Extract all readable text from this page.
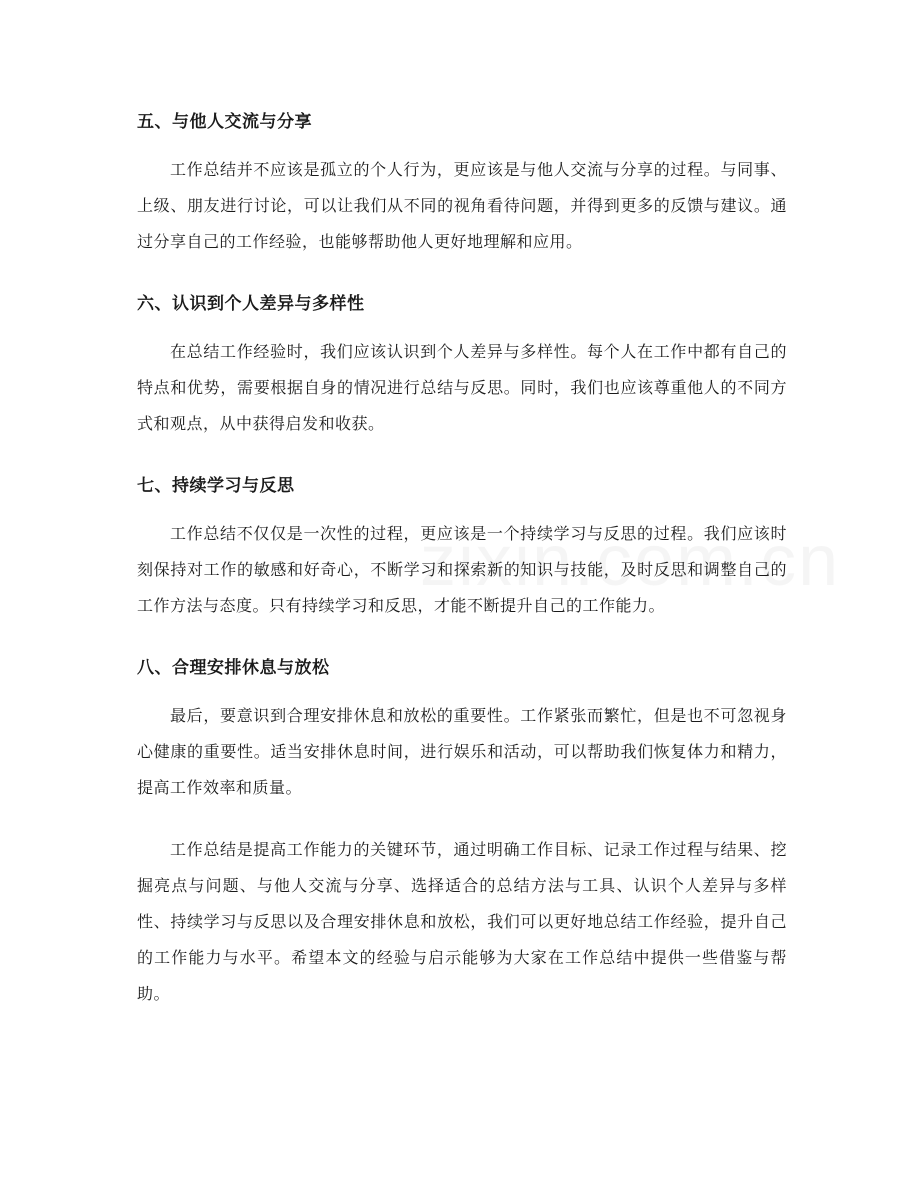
五、与他人交流与分享

工作总结并不应该是孤立的个人行为，更应该是与他人交流与分享的过程。与同事、上级、朋友进行讨论，可以让我们从不同的视角看待问题，并得到更多的反馈与建议。通过分享自己的工作经验，也能够帮助他人更好地理解和应用。

六、认识到个人差异与多样性

在总结工作经验时，我们应该认识到个人差异与多样性。每个人在工作中都有自己的特点和优势，需要根据自身的情况进行总结与反思。同时，我们也应该尊重他人的不同方式和观点，从中获得启发和收获。

七、持续学习与反思

工作总结不仅仅是一次性的过程，更应该是一个持续学习与反思的过程。我们应该时刻保持对工作的敏感和好奇心，不断学习和探索新的知识与技能，及时反思和调整自己的工作方法与态度。只有持续学习和反思，才能不断提升自己的工作能力。

八、合理安排休息与放松

最后，要意识到合理安排休息和放松的重要性。工作紧张而繁忙，但是也不可忽视身心健康的重要性。适当安排休息时间，进行娱乐和活动，可以帮助我们恢复体力和精力，提高工作效率和质量。

工作总结是提高工作能力的关键环节，通过明确工作目标、记录工作过程与结果、挖掘亮点与问题、与他人交流与分享、选择适合的总结方法与工具、认识个人差异与多样性、持续学习与反思以及合理安排休息和放松，我们可以更好地总结工作经验，提升自己的工作能力与水平。希望本文的经验与启示能够为大家在工作总结中提供一些借鉴与帮助。
